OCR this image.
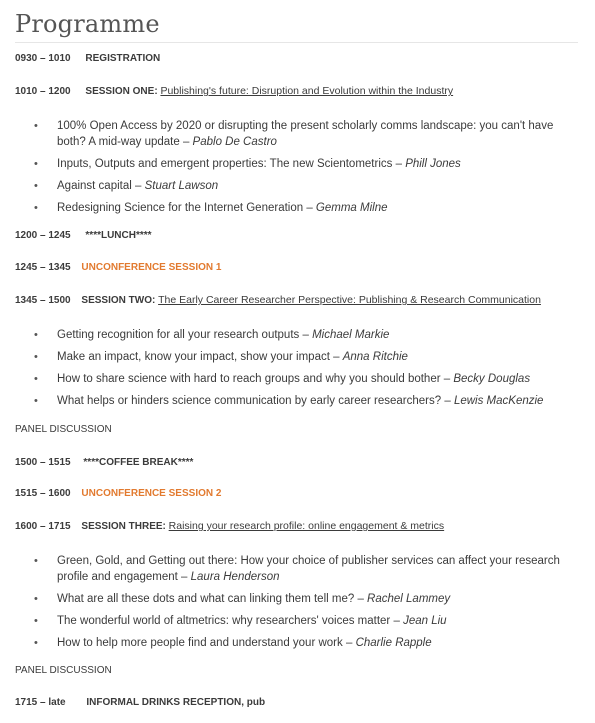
Programme
0930 – 1010 REGISTRATION
1010 – 1200 SESSION ONE: Publishing's future: Disruption and Evolution within the Industry
• 100% Open Access by 2020 or disrupting the present scholarly comms landscape: you can't have both? A mid-way update – Pablo De Castro
• Inputs, Outputs and emergent properties: The new Scientometrics – Phill Jones
• Against capital – Stuart Lawson
• Redesigning Science for the Internet Generation – Gemma Milne
1200 – 1245 ****LUNCH****
1245 – 1345 UNCONFERENCE SESSION 1
1345 – 1500 SESSION TWO: The Early Career Researcher Perspective: Publishing & Research Communication
• Getting recognition for all your research outputs – Michael Markie
• Make an impact, know your impact, show your impact – Anna Ritchie
• How to share science with hard to reach groups and why you should bother – Becky Douglas
• What helps or hinders science communication by early career researchers? – Lewis MacKenzie
PANEL DISCUSSION
1500 – 1515 ****COFFEE BREAK****
1515 – 1600 UNCONFERENCE SESSION 2
1600 – 1715 SESSION THREE: Raising your research profile: online engagement & metrics
• Green, Gold, and Getting out there: How your choice of publisher services can affect your research profile and engagement – Laura Henderson
• What are all these dots and what can linking them tell me? – Rachel Lammey
• The wonderful world of altmetrics: why researchers' voices matter – Jean Liu
• How to help more people find and understand your work – Charlie Rapple
PANEL DISCUSSION
1715 – late INFORMAL DRINKS RECEPTION, pub
